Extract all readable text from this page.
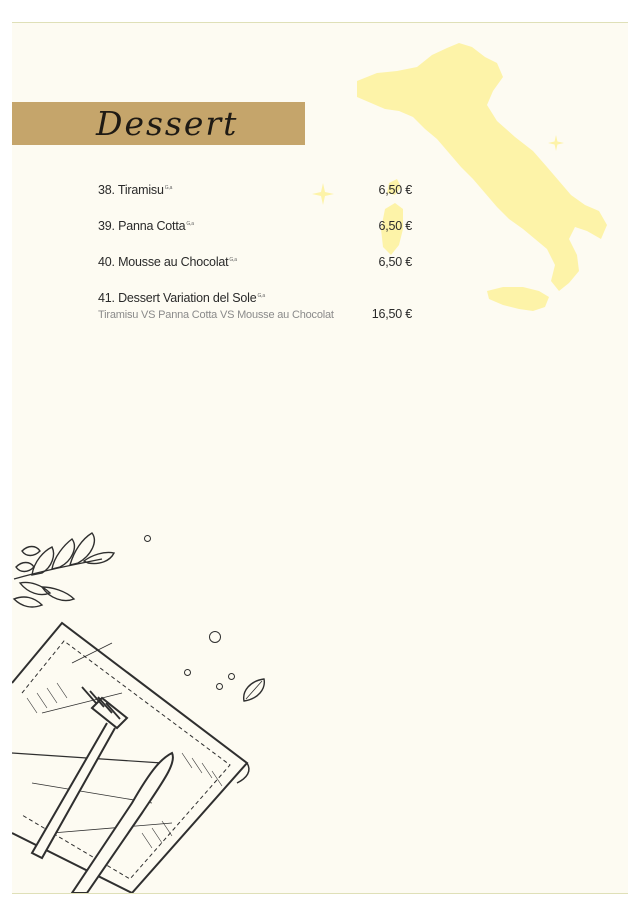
Dessert
38. Tiramisu$^{G,a}$	6,50 €
39. Panna Cotta$^{G,a}$	6,50 €
40. Mousse au Chocolat$^{G,a}$	6,50 €
41. Dessert Variation del Sole$^{G,a}$
Tiramisu VS Panna Cotta VS Mousse au Chocolat	16,50 €
